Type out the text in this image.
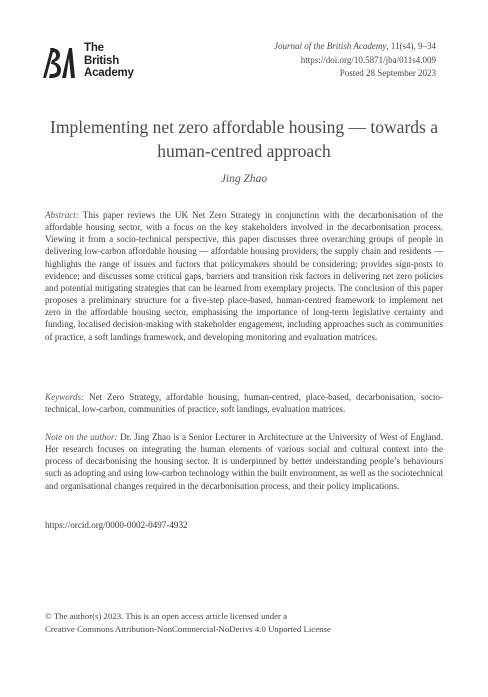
The
British
Academy
Journal of the British Academy, 11(s4), 9–34
https://doi.org/10.5871/jba/011s4.009
Posted 28 September 2023
Implementing net zero affordable housing — towards a human-centred approach
Jing Zhao

Abstract: This paper reviews the UK Net Zero Strategy in conjunction with the decarbonisation of the affordable housing sector, with a focus on the key stakeholders involved in the decarbonisation process. Viewing it from a socio-technical perspective, this paper discusses three overarching groups of people in delivering low-carbon affordable housing — affordable housing providers, the supply chain and residents — highlights the range of issues and factors that policymakers should be considering; provides sign-posts to evidence; and discusses some critical gaps, barriers and transition risk factors in delivering net zero policies and potential mitigating strategies that can be learned from exemplary projects. The conclusion of this paper proposes a preliminary structure for a five-step place-based, human-centred framework to implement net zero in the affordable housing sector, emphasising the importance of long-term legislative certainty and funding, localised decision-making with stakeholder engagement, including approaches such as communities of practice, a soft landings framework, and developing monitoring and evaluation matrices.

Keywords: Net Zero Strategy, affordable housing, human-centred, place-based, decarbonisation, socio-technical, low-carbon, communities of practice, soft landings, evaluation matrices.

Note on the author: Dr. Jing Zhao is a Senior Lecturer in Architecture at the University of West of England. Her research focuses on integrating the human elements of various social and cultural context into the process of decarbonising the housing sector. It is underpinned by better understanding people’s behaviours such as adopting and using low-carbon technology within the built environment, as well as the sociotechnical and organisational changes required in the decarbonisation process, and their policy implications.

https://orcid.org/0000-0002-0497-4932

© The author(s) 2023. This is an open access article licensed under a
Creative Commons Attribution-NonCommercial-NoDerivs 4.0 Unported License
